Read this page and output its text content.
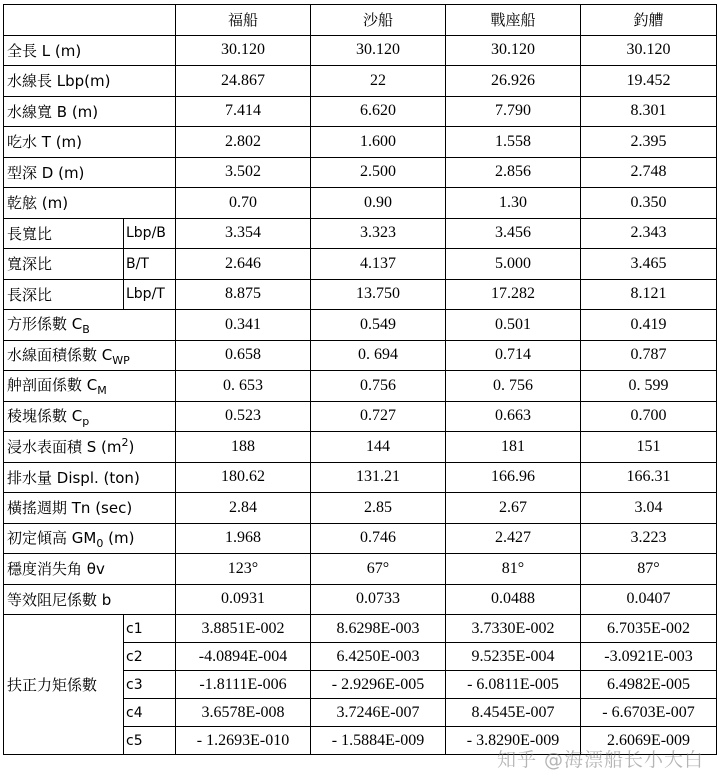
		福船	沙船	戰座船	釣艚
全長 L (m)		30.120	30.120	30.120	30.120
水線長 Lbp(m)		24.867	22	26.926	19.452
水線寬 B (m)		7.414	6.620	7.790	8.301
吃水 T (m)		2.802	1.600	1.558	2.395
型深 D (m)		3.502	2.500	2.856	2.748
乾舷 (m)		0.70	0.90	1.30	0.350
長寬比	Lbp/B	3.354	3.323	3.456	2.343
寬深比	B/T	2.646	4.137	5.000	3.465
長深比	Lbp/T	8.875	13.750	17.282	8.121
方形係數 $C_B$		0.341	0.549	0.501	0.419
水線面積係數 $C_{WP}$		0.658	0. 694	0.714	0.787
舯剖面係數 $C_M$		0. 653	0.756	0. 756	0. 599
稜塊係數 $C_p$		0.523	0.727	0.663	0.700
浸水表面積 S $(m^2)$		188	144	181	151
排水量 Displ. (ton)		180.62	131.21	166.96	166.31
橫搖週期 Tn (sec)		2.84	2.85	2.67	3.04
初定傾高 $GM_0$ (m)		1.968	0.746	2.427	3.223
穩度消失角 θv		123°	67°	81°	87°
等效阻尼係數 b		0.0931	0.0733	0.0488	0.0407
扶正力矩係數	c1	3.8851E-002	8.6298E-003	3.7330E-002	6.7035E-002
	c2	-4.0894E-004	6.4250E-003	9.5235E-004	-3.0921E-003
	c3	-1.8111E-006	- 2.9296E-005	- 6.0811E-005	6.4982E-005
	c4	3.6578E-008	3.7246E-007	8.4545E-007	- 6.6703E-007
	c5	- 1.2693E-010	- 1.5884E-009	- 3.8290E-009	2.6069E-009
知乎 @海漂船长小大白
